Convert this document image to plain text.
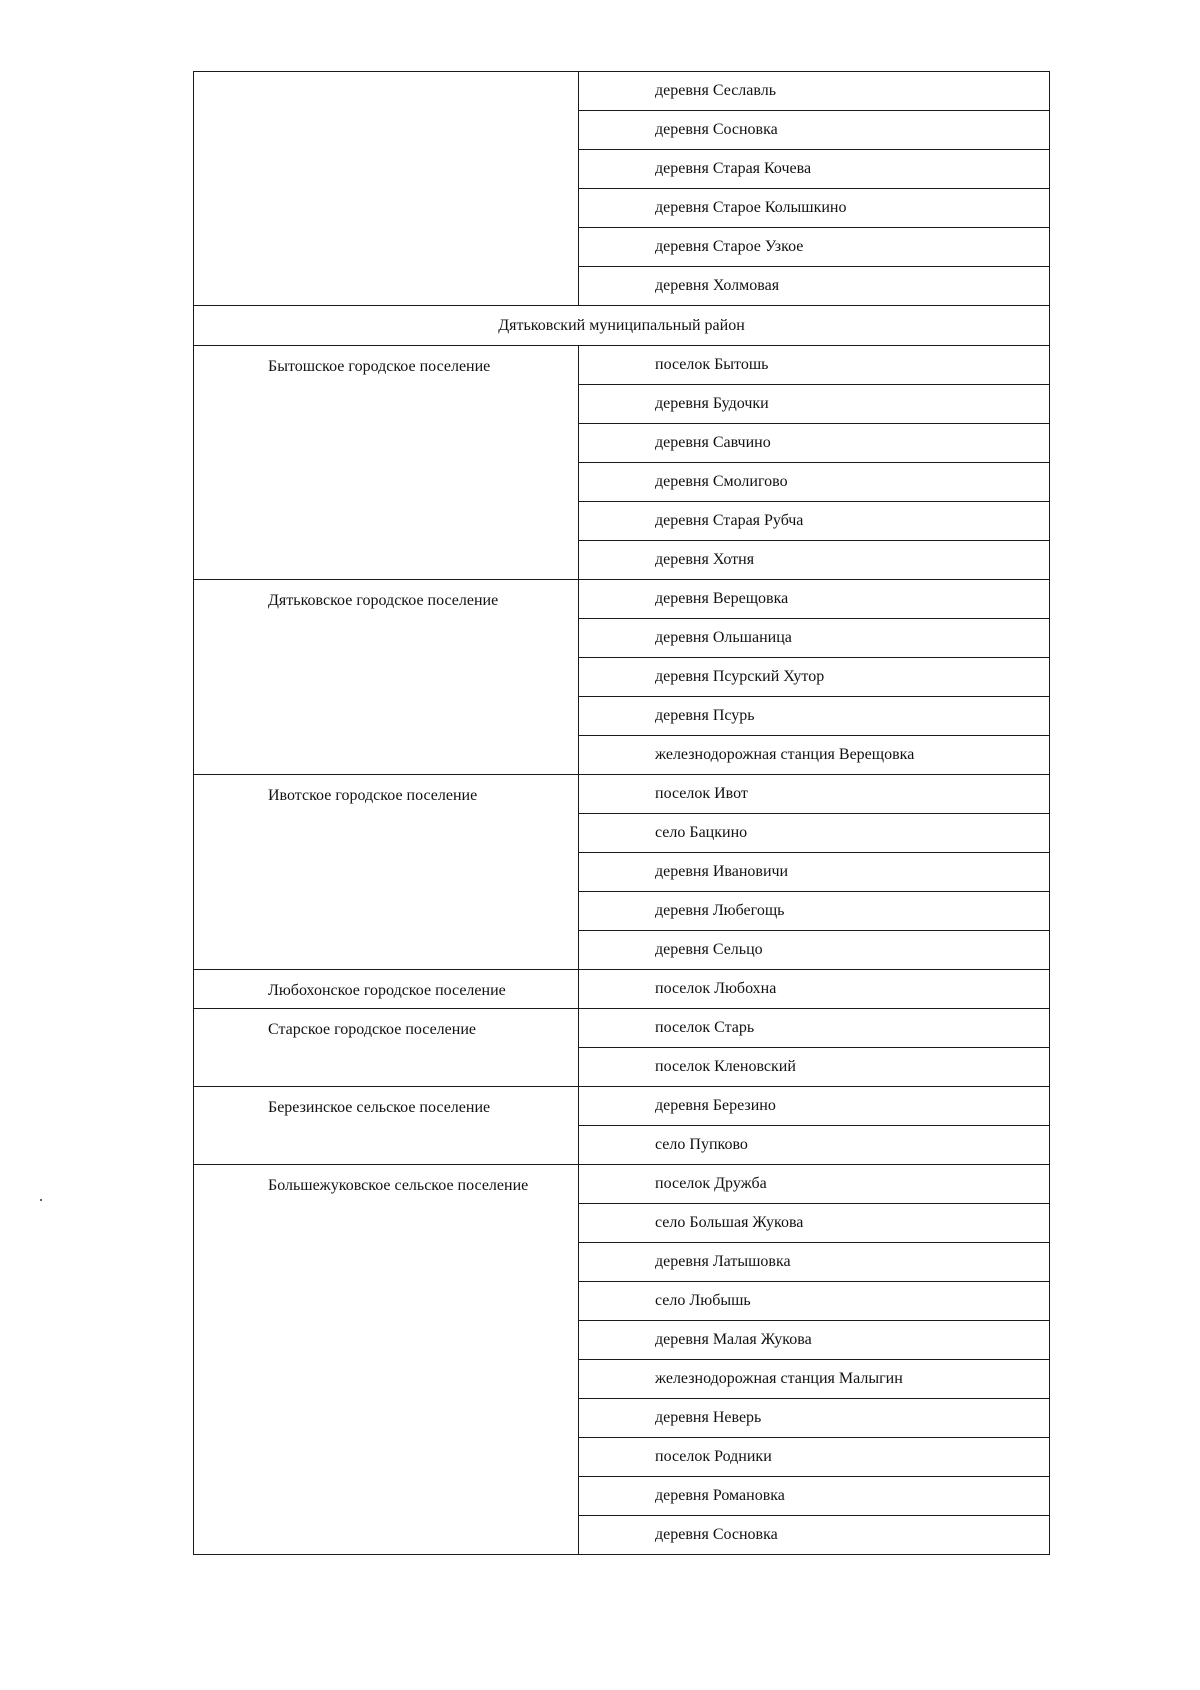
	деревня Сеславль
	деревня Сосновка
	деревня Старая Кочева
	деревня Старое Колышкино
	деревня Старое Узкое
	деревня Холмовая
Дятьковский муниципальный район	
Бытошское городское поселение	поселок Бытошь
	деревня Будочки
	деревня Савчино
	деревня Смолигово
	деревня Старая Рубча
	деревня Хотня
Дятьковское городское поселение	деревня Верещовка
	деревня Ольшаница
	деревня Псурский Хутор
	деревня Псурь
	железнодорожная станция Верещовка
Ивотское городское поселение	поселок Ивот
	село Бацкино
	деревня Ивановичи
	деревня Любегощь
	деревня Сельцо
Любохонское городское поселение	поселок Любохна
Старское городское поселение	поселок Старь
	поселок Кленовский
Березинское сельское поселение	деревня Березино
	село Пупково
Большежуковское сельское поселение	поселок Дружба
	село Большая Жукова
	деревня Латышовка
	село Любышь
	деревня Малая Жукова
	железнодорожная станция Малыгин
	деревня Неверь
	поселок Родники
	деревня Романовка
	деревня Сосновка
